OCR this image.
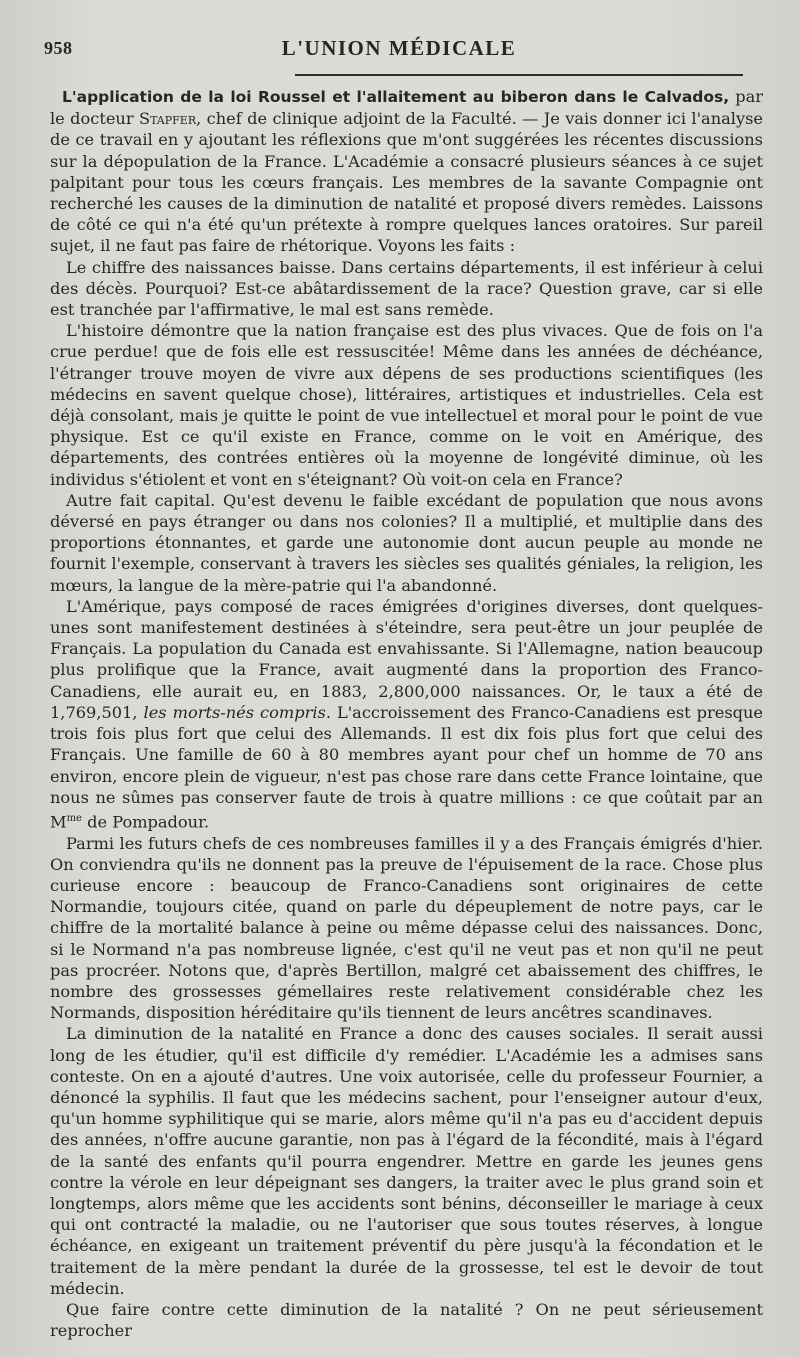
958	L'UNION MÉDICALE

L'application de la loi Roussel et l'allaitement au biberon dans le Calvados, par le docteur Stapfer, chef de clinique adjoint de la Faculté. — Je vais donner ici l'analyse de ce travail en y ajoutant les réflexions que m'ont suggérées les récentes discussions sur la dépopulation de la France. L'Académie a consacré plusieurs séances à ce sujet palpitant pour tous les cœurs français. Les membres de la savante Compagnie ont recherché les causes de la diminution de natalité et proposé divers remèdes. Laissons de côté ce qui n'a été qu'un prétexte à rompre quelques lances oratoires. Sur pareil sujet, il ne faut pas faire de rhétorique. Voyons les faits :

Le chiffre des naissances baisse. Dans certains départements, il est inférieur à celui des décès. Pourquoi? Est-ce abâtardissement de la race? Question grave, car si elle est tranchée par l'affirmative, le mal est sans remède.

L'histoire démontre que la nation française est des plus vivaces. Que de fois on l'a crue perdue! que de fois elle est ressuscitée! Même dans les années de déchéance, l'étranger trouve moyen de vivre aux dépens de ses productions scientifiques (les médecins en savent quelque chose), littéraires, artistiques et industrielles. Cela est déjà consolant, mais je quitte le point de vue intellectuel et moral pour le point de vue physique. Est ce qu'il existe en France, comme on le voit en Amérique, des départements, des contrées entières où la moyenne de longévité diminue, où les individus s'étiolent et vont en s'éteignant? Où voit-on cela en France?

Autre fait capital. Qu'est devenu le faible excédant de population que nous avons déversé en pays étranger ou dans nos colonies? Il a multiplié, et multiplie dans des proportions étonnantes, et garde une autonomie dont aucun peuple au monde ne fournit l'exemple, conservant à travers les siècles ses qualités géniales, la religion, les mœurs, la langue de la mère-patrie qui l'a abandonné.

L'Amérique, pays composé de races émigrées d'origines diverses, dont quelques-unes sont manifestement destinées à s'éteindre, sera peut-être un jour peuplée de Français. La population du Canada est envahissante. Si l'Allemagne, nation beaucoup plus prolifique que la France, avait augmenté dans la proportion des Franco-Canadiens, elle aurait eu, en 1883, 2,800,000 naissances. Or, le taux a été de 1,769,501, les morts-nés compris. L'accroissement des Franco-Canadiens est presque trois fois plus fort que celui des Allemands. Il est dix fois plus fort que celui des Français. Une famille de 60 à 80 membres ayant pour chef un homme de 70 ans environ, encore plein de vigueur, n'est pas chose rare dans cette France lointaine, que nous ne sûmes pas conserver faute de trois à quatre millions : ce que coûtait par an $M^{me}$ de Pompadour.

Parmi les futurs chefs de ces nombreuses familles il y a des Français émigrés d'hier. On conviendra qu'ils ne donnent pas la preuve de l'épuisement de la race. Chose plus curieuse encore : beaucoup de Franco-Canadiens sont originaires de cette Normandie, toujours citée, quand on parle du dépeuplement de notre pays, car le chiffre de la mortalité balance à peine ou même dépasse celui des naissances. Donc, si le Normand n'a pas nombreuse lignée, c'est qu'il ne veut pas et non qu'il ne peut pas procréer. Notons que, d'après Bertillon, malgré cet abaissement des chiffres, le nombre des grossesses gémellaires reste relativement considérable chez les Normands, disposition héréditaire qu'ils tiennent de leurs ancêtres scandinaves.

La diminution de la natalité en France a donc des causes sociales. Il serait aussi long de les étudier, qu'il est difficile d'y remédier. L'Académie les a admises sans conteste. On en a ajouté d'autres. Une voix autorisée, celle du professeur Fournier, a dénoncé la syphilis. Il faut que les médecins sachent, pour l'enseigner autour d'eux, qu'un homme syphilitique qui se marie, alors même qu'il n'a pas eu d'accident depuis des années, n'offre aucune garantie, non pas à l'égard de la fécondité, mais à l'égard de la santé des enfants qu'il pourra engendrer. Mettre en garde les jeunes gens contre la vérole en leur dépeignant ses dangers, la traiter avec le plus grand soin et longtemps, alors même que les accidents sont bénins, déconseiller le mariage à ceux qui ont contracté la maladie, ou ne l'autoriser que sous toutes réserves, à longue échéance, en exigeant un traitement préventif du père jusqu'à la fécondation et le traitement de la mère pendant la durée de la grossesse, tel est le devoir de tout médecin.

Que faire contre cette diminution de la natalité ? On ne peut sérieusement reprocher
